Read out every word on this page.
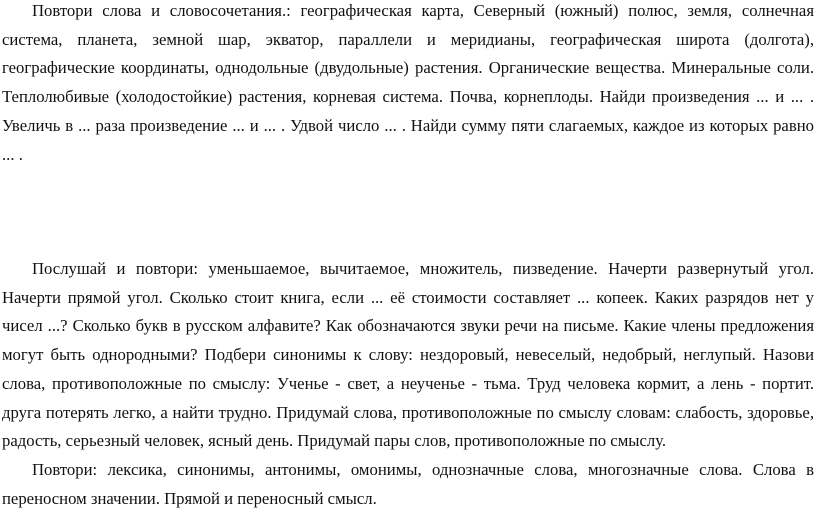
Повтори слова и словосочетания.: географическая карта, Северный (южный) полюс, земля, солнечная система, планета, земной шар, экватор, параллели и меридианы, географическая широта (долгота), географические координаты, однодольные (двудольные) растения. Органические вещества. Минеральные соли. Теплолюбивые (холодостойкие) растения, корневая система. Почва, корнеплоды. Найди произведения ... и ... . Увеличь в ... раза произведение ... и ... . Удвой число ... . Найди сумму пяти слагаемых, каждое из которых равно ... .

Послушай и повтори: уменьшаемое, вычитаемое, множитель, пизведение. Начерти развернутый угол. Начерти прямой угол. Сколько стоит книга, если ... её стоимости составляет ... копеек. Каких разрядов нет у чисел ...? Сколько букв в русском алфавите? Как обозначаются звуки речи на письме. Какие члены предложения могут быть однородными? Подбери синонимы к слову: нездоровый, невеселый, недобрый, неглупый. Назови слова, противоположные по смыслу: Ученье - свет, а неученье - тьма. Труд человека кормит, а лень - портит. друга потерять легко, а найти трудно. Придумай слова, противоположные по смыслу словам: слабость, здоровье, радость, серьезный человек, ясный день. Придумай пары слов, противоположные по смыслу.

Повтори: лексика, синонимы, антонимы, омонимы, однозначные слова, многозначные слова. Слова в переносном значении. Прямой и переносный смысл.
